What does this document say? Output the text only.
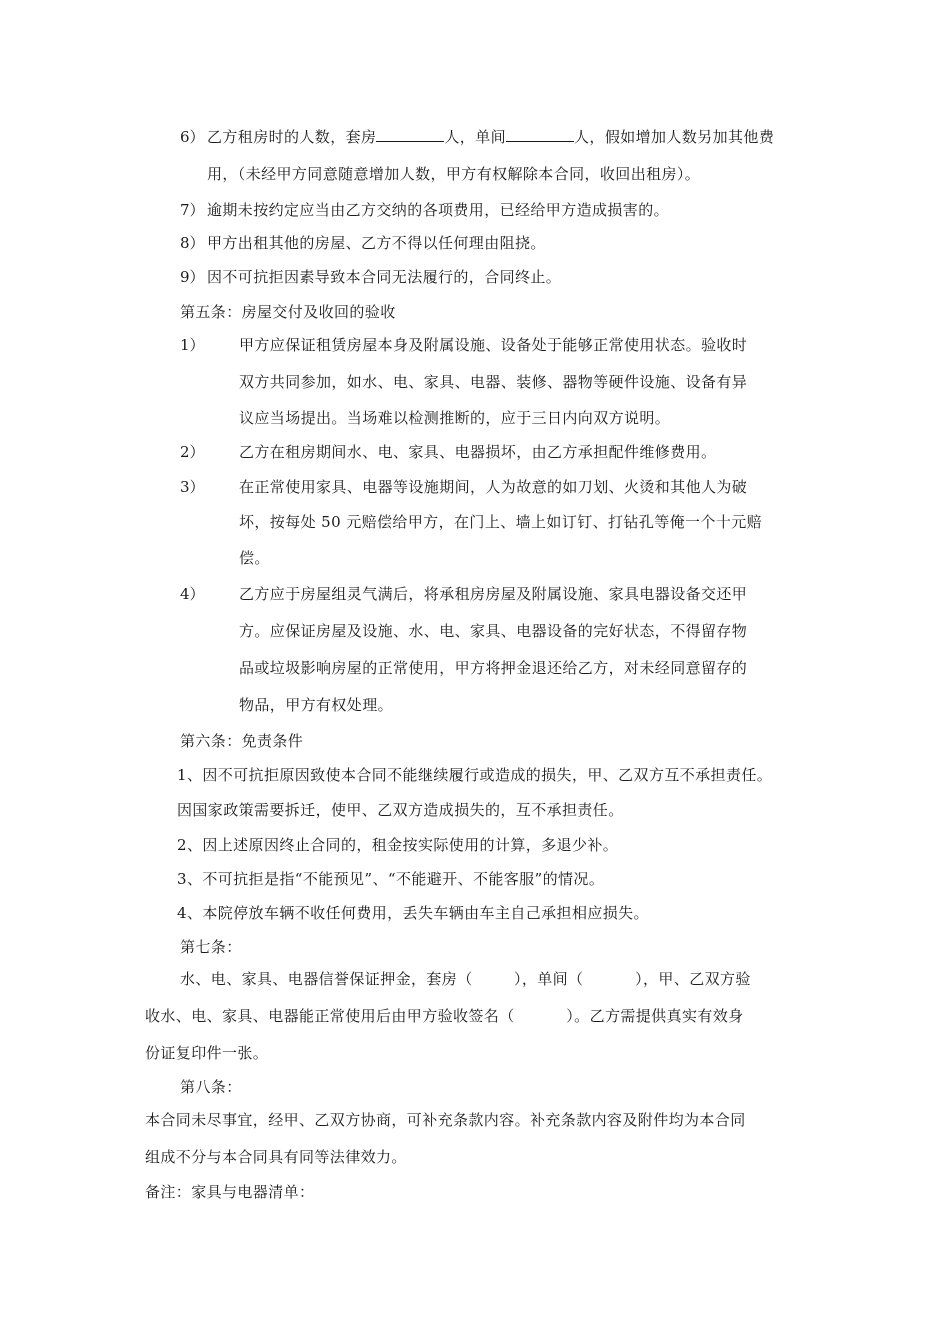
6） 乙方租房时的人数，套房	人，单间	人，假如增加人数另加其他费
用，（未经甲方同意随意增加人数，甲方有权解除本合同，收回出租房）。
7） 逾期未按约定应当由乙方交纳的各项费用，已经给甲方造成损害的。
8） 甲方出租其他的房屋、乙方不得以任何理由阻挠。
9） 因不可抗拒因素导致本合同无法履行的，合同终止。
第五条：房屋交付及收回的验收
1） 甲方应保证租赁房屋本身及附属设施、设备处于能够正常使用状态。验收时
双方共同参加，如水、电、家具、电器、装修、器物等硬件设施、设备有异
议应当场提出。当场难以检测推断的，应于三日内向双方说明。
2） 乙方在租房期间水、电、家具、电器损坏，由乙方承担配件维修费用。
3） 在正常使用家具、电器等设施期间，人为故意的如刀划、火烫和其他人为破
坏，按每处 50 元赔偿给甲方，在门上、墙上如订钉、打钻孔等俺一个十元赔
偿。
4） 乙方应于房屋组灵气满后，将承租房房屋及附属设施、家具电器设备交还甲
方。应保证房屋及设施、水、电、家具、电器设备的完好状态，不得留存物
品或垃圾影响房屋的正常使用，甲方将押金退还给乙方，对未经同意留存的
物品，甲方有权处理。
第六条：免责条件
1、因不可抗拒原因致使本合同不能继续履行或造成的损失，甲、乙双方互不承担责任。
因国家政策需要拆迁，使甲、乙双方造成损失的，互不承担责任。
2、因上述原因终止合同的，租金按实际使用的计算，多退少补。
3、不可抗拒是指“不能预见”、“不能避开、不能客服”的情况。
4、本院停放车辆不收任何费用，丢失车辆由车主自己承担相应损失。
第七条：
水、电、家具、电器信誉保证押金，套房（        ），单间（          ），甲、乙双方验
收水、电、家具、电器能正常使用后由甲方验收签名（          ）。乙方需提供真实有效身
份证复印件一张。
第八条：
本合同未尽事宜，经甲、乙双方协商，可补充条款内容。补充条款内容及附件均为本合同
组成不分与本合同具有同等法律效力。
备注：家具与电器清单：
